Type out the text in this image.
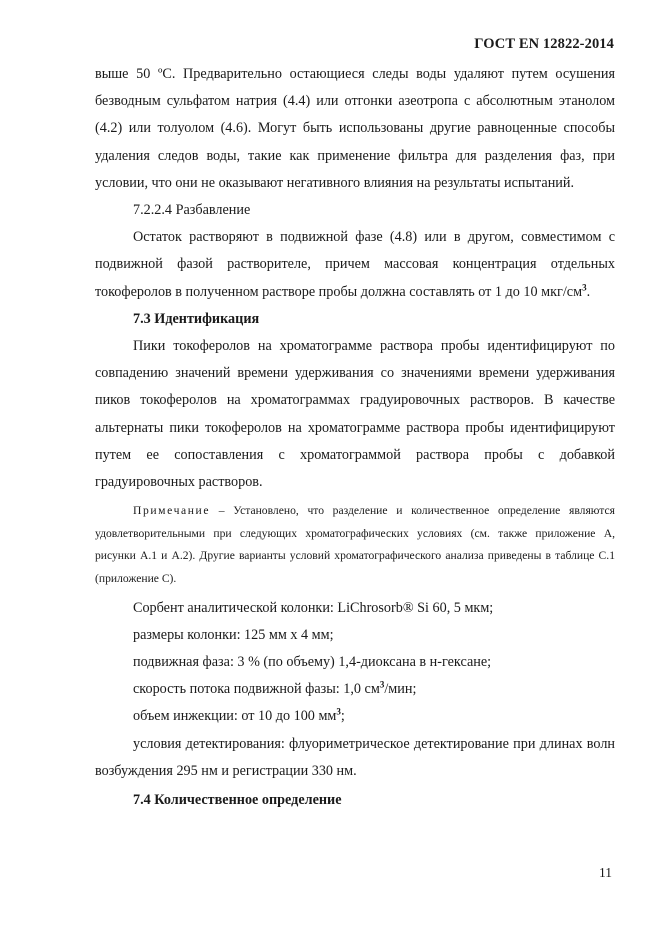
ГОСТ EN 12822-2014

выше 50 ºC. Предварительно остающиеся следы воды удаляют путем осушения безводным сульфатом натрия (4.4) или отгонки азеотропа с абсолютным этанолом (4.2) или толуолом (4.6). Могут быть использованы другие равноценные способы удаления следов воды, такие как применение фильтра для разделения фаз, при условии, что они не оказывают негативного влияния на результаты испытаний.

7.2.2.4 Разбавление

Остаток растворяют в подвижной фазе (4.8) или в другом, совместимом с подвижной фазой растворителе, причем массовая концентрация отдельных токоферолов в полученном растворе пробы должна составлять от 1 до 10 мкг/$см^3$.

7.3 Идентификация

Пики токоферолов на хроматограмме раствора пробы идентифицируют по совпадению значений времени удерживания со значениями времени удерживания пиков токоферолов на хроматограммах градуировочных растворов. В качестве альтернаты пики токоферолов на хроматограмме раствора пробы идентифицируют путем ее сопоставления с хроматограммой раствора пробы с добавкой градуировочных растворов.

Примечание – Установлено, что разделение и количественное определение являются удовлетворительными при следующих хроматографических условиях (см. также приложение А, рисунки А.1 и А.2). Другие варианты условий хроматографического анализа приведены в таблице С.1 (приложение С).

Сорбент аналитической колонки: LiChrosorb® Si 60, 5 мкм;
размеры колонки: 125 мм х 4 мм;
подвижная фаза: 3 % (по объему) 1,4-диоксана в н-гексане;
скорость потока подвижной фазы: 1,0 $см^3$/мин;
объем инжекции: от 10 до 100 $мм^3$;

условия детектирования: флуориметрическое детектирование при длинах волн возбуждения 295 нм и регистрации 330 нм.

7.4 Количественное определение
11
